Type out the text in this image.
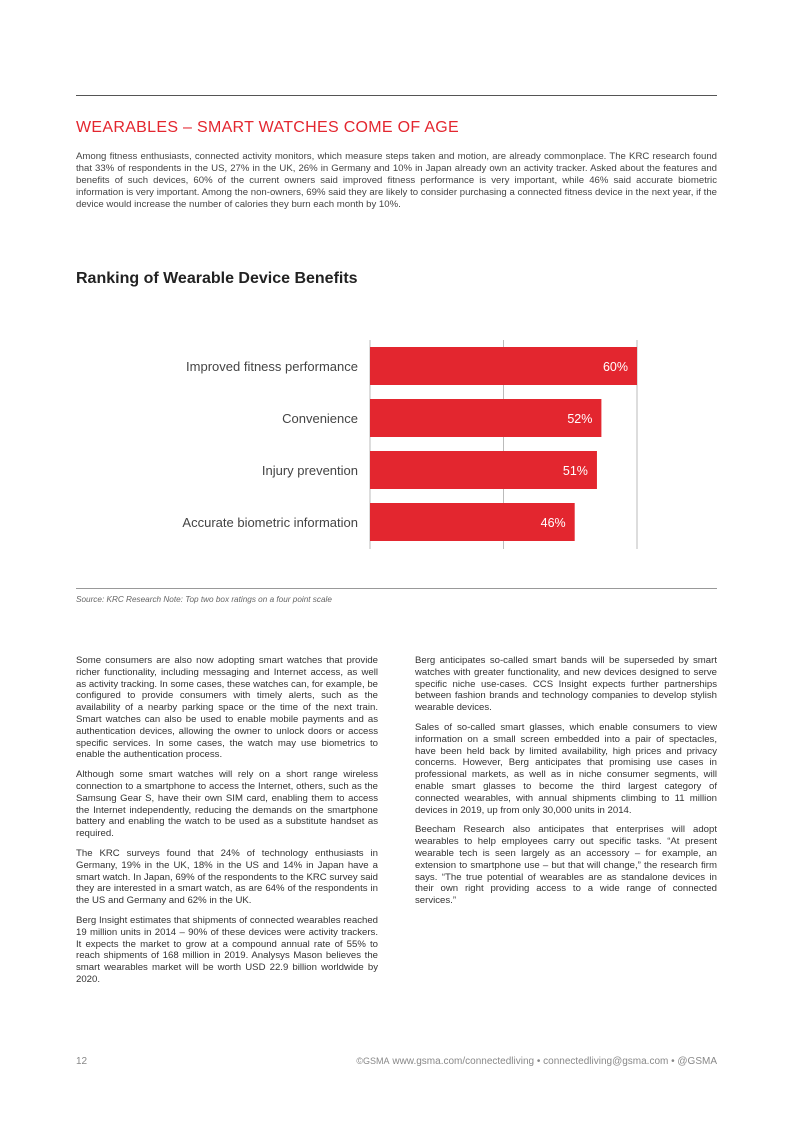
WEARABLES – SMART WATCHES COME OF AGE

Among fitness enthusiasts, connected activity monitors, which measure steps taken and motion, are already commonplace. The KRC research found that 33% of respondents in the US, 27% in the UK, 26% in Germany and 10% in Japan already own an activity tracker. Asked about the features and benefits of such devices, 60% of the current owners said improved fitness performance is very important, while 46% said accurate biometric information is very important. Among the non-owners, 69% said they are likely to consider purchasing a connected fitness device in the next year, if the device would increase the number of calories they burn each month by 10%.

Ranking of Wearable Device Benefits
Improved fitness performance	60%
Convenience	52%
Injury prevention	51%
Accurate biometric information	46%

Source: KRC Research Note: Top two box ratings on a four point scale

Some consumers are also now adopting smart watches that provide richer functionality, including messaging and Internet access, as well as activity tracking. In some cases, these watches can, for example, be configured to provide consumers with timely alerts, such as the availability of a nearby parking space or the time of the next train. Smart watches can also be used to enable mobile payments and as authentication devices, allowing the owner to unlock doors or access specific services. In some cases, the watch may use biometrics to enable the authentication process.

Although some smart watches will rely on a short range wireless connection to a smartphone to access the Internet, others, such as the Samsung Gear S, have their own SIM card, enabling them to access the Internet independently, reducing the demands on the smartphone battery and enabling the watch to be used as a substitute handset as required.

The KRC surveys found that 24% of technology enthusiasts in Germany, 19% in the UK, 18% in the US and 14% in Japan have a smart watch. In Japan, 69% of the respondents to the KRC survey said they are interested in a smart watch, as are 64% of the respondents in the US and Germany and 62% in the UK.

Berg Insight estimates that shipments of connected wearables reached 19 million units in 2014 – 90% of these devices were activity trackers. It expects the market to grow at a compound annual rate of 55% to reach shipments of 168 million in 2019. Analysys Mason believes the smart wearables market will be worth USD 22.9 billion worldwide by 2020.

Berg anticipates so-called smart bands will be superseded by smart watches with greater functionality, and new devices designed to serve specific niche use-cases. CCS Insight expects further partnerships between fashion brands and technology companies to develop stylish wearable devices.

Sales of so-called smart glasses, which enable consumers to view information on a small screen embedded into a pair of spectacles, have been held back by limited availability, high prices and privacy concerns. However, Berg anticipates that promising use cases in professional markets, as well as in niche consumer segments, will enable smart glasses to become the third largest category of connected wearables, with annual shipments climbing to 11 million devices in 2019, up from only 30,000 units in 2014.

Beecham Research also anticipates that enterprises will adopt wearables to help employees carry out specific tasks. “At present wearable tech is seen largely as an accessory – for example, an extension to smartphone use – but that will change,” the research firm says. “The true potential of wearables are as standalone devices in their own right providing access to a wide range of connected services.”

12	©GSMA www.gsma.com/connectedliving • connectedliving@gsma.com • @GSMA
